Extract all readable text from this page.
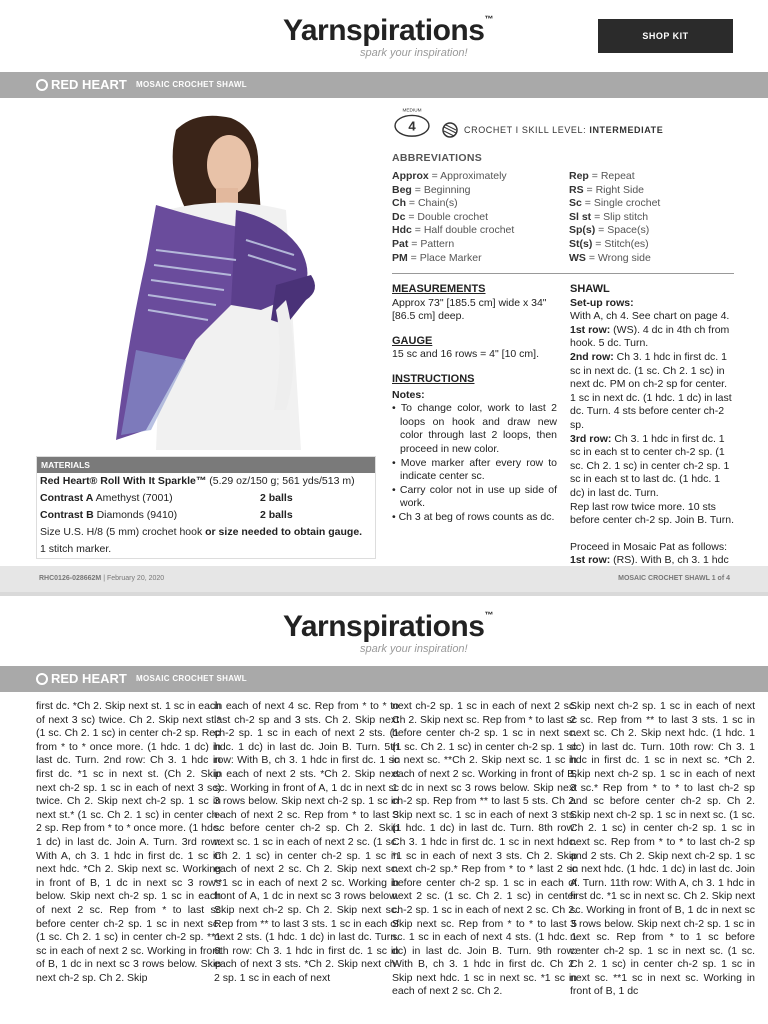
Yarnspirations™
spark your inspiration!
SHOP KIT
RED HEART MOSAIC CROCHET SHAWL
MEDIUM
4	CROCHET I SKILL LEVEL: INTERMEDIATE
ABBREVIATIONS
Approx = Approximately
Beg = Beginning
Ch = Chain(s)
Dc = Double crochet
Hdc = Half double crochet
Pat = Pattern
PM = Place Marker
Rep = Repeat
RS = Right Side
Sc = Single crochet
Sl st = Slip stitch
Sp(s) = Space(s)
St(s) = Stitch(es)
WS = Wrong side
MEASUREMENTS
Approx 73" [185.5 cm] wide x 34" [86.5 cm] deep.
GAUGE
15 sc and 16 rows = 4" [10 cm].
INSTRUCTIONS
Notes:
• To change color, work to last 2 loops on hook and draw new color through last 2 loops, then proceed in new color.
• Move marker after every row to indicate center sc.
• Carry color not in use up side of work.
• Ch 3 at beg of rows counts as dc.
SHAWL
Set-up rows:
With A, ch 4. See chart on page 4.
1st row: (WS). 4 dc in 4th ch from hook. 5 dc. Turn.
2nd row: Ch 3. 1 hdc in first dc. 1 sc in next dc. (1 sc. Ch 2. 1 sc) in next dc. PM on ch-2 sp for center. 1 sc in next dc. (1 hdc. 1 dc) in last dc. Turn. 4 sts before center ch-2 sp.
3rd row: Ch 3. 1 hdc in first dc. 1 sc in each st to center ch-2 sp. (1 sc. Ch 2. 1 sc) in center ch-2 sp. 1 sc in each st to last dc. (1 hdc. 1 dc) in last dc. Turn.
Rep last row twice more. 10 sts before center ch-2 sp. Join B. Turn.
Proceed in Mosaic Pat as follows:
1st row: (RS). With B, ch 3. 1 hdc
MATERIALS
Red Heart® Roll With It Sparkle™ (5.29 oz/150 g; 561 yds/513 m)
Contrast A Amethyst (7001)	2 balls
Contrast B Diamonds (9410)	2 balls
Size U.S. H/8 (5 mm) crochet hook or size needed to obtain gauge.
1 stitch marker.
RHC0126-028662M | February 20, 2020	MOSAIC CROCHET SHAWL 1 of 4
Yarnspirations™
spark your inspiration!
RED HEART MOSAIC CROCHET SHAWL
first dc. *Ch 2. Skip next st. 1 sc in each of next 3 sc) twice. Ch 2. Skip next st.* (1 sc. Ch 2. 1 sc) in center ch-2 sp. Rep from * to * once more. (1 hdc. 1 dc) in last dc. Turn. 2nd row: Ch 3. 1 hdc in first dc. *1 sc in next st. (Ch 2. Skip next ch-2 sp. 1 sc in each of next 3 sc) twice. Ch 2. Skip next ch-2 sp. 1 sc in next st.* (1 sc. Ch 2. 1 sc) in center ch-2 sp. Rep from * to * once more. (1 hdc. 1 dc) in last dc. Join A. Turn. 3rd row: With A, ch 3. 1 hdc in first dc. 1 sc in next hdc. *Ch 2. Skip next sc. Working in front of B, 1 dc in next sc 3 rows below. Skip next ch-2 sp. 1 sc in each of next 2 sc. Rep from * to last sc before center ch-2 sp. 1 sc in next sc. (1 sc. Ch 2. 1 sc) in center ch-2 sp. **1 sc in each of next 2 sc. Working in front of B, 1 dc in next sc 3 rows below. Skip next ch-2 sp. Ch 2. Skip
in each of next 4 sc. Rep from * to * to last ch-2 sp and 3 sts. Ch 2. Skip next ch-2 sp. 1 sc in each of next 2 sts. (1 hdc. 1 dc) in last dc. Join B. Turn. 5th row: With B, ch 3. 1 hdc in first dc. 1 sc in each of next 2 sts. *Ch 2. Skip next sc. Working in front of A, 1 dc in next sc 3 rows below. Skip next ch-2 sp. 1 sc in each of next 2 sc. Rep from * to last 3 sc before center ch-2 sp. Ch 2. Skip next sc. 1 sc in each of next 2 sc. (1 sc. Ch 2. 1 sc) in center ch-2 sp. 1 sc in each of next 2 sc. Ch 2. Skip next sc. **1 sc in each of next 2 sc. Working in front of A, 1 dc in next sc 3 rows below. Skip next ch-2 sp. Ch 2. Skip next sc. Rep from ** to last 3 sts. 1 sc in each of next 2 sts. (1 hdc. 1 dc) in last dc. Turn. 6th row: Ch 3. 1 hdc in first dc. 1 sc in each of next 3 sts. *Ch 2. Skip next ch-2 sp. 1 sc in each of next
next ch-2 sp. 1 sc in each of next 2 sc. Ch 2. Skip next sc. Rep from * to last sc before center ch-2 sp. 1 sc in next sc. (1 sc. Ch 2. 1 sc) in center ch-2 sp. 1 sc in next sc. **Ch 2. Skip next sc. 1 sc in each of next 2 sc. Working in front of B, 1 dc in next sc 3 rows below. Skip next ch-2 sp. Rep from ** to last 5 sts. Ch 2. Skip next sc. 1 sc in each of next 3 sts. (1 hdc. 1 dc) in last dc. Turn. 8th row: Ch 3. 1 hdc in first dc. 1 sc in next hdc. *1 sc in each of next 3 sts. Ch 2. Skip next ch-2 sp.* Rep from * to * last 2 sc before center ch-2 sp. 1 sc in each of next 2 sc. (1 sc. Ch 2. 1 sc) in center ch-2 sp. 1 sc in each of next 2 sc. Ch 2. Skip next sc. Rep from * to * to last 5 sc. 1 sc in each of next 4 sts. (1 hdc. 1 dc) in last dc. Join B. Turn. 9th row: With B, ch 3. 1 hdc in first dc. Ch 2. Skip next hdc. 1 sc in next sc. *1 sc in each of next 2 sc. Ch 2.
Skip next ch-2 sp. 1 sc in each of next 2 sc. Rep from ** to last 3 sts. 1 sc in next sc. Ch 2. Skip next hdc. (1 hdc. 1 dc) in last dc. Turn. 10th row: Ch 3. 1 hdc in first dc. 1 sc in next sc. *Ch 2. Skip next ch-2 sp. 1 sc in each of next 3 sc.* Rep from * to * to last ch-2 sp and sc before center ch-2 sp. Ch 2. Skip next ch-2 sp. 1 sc in next sc. (1 sc. Ch 2. 1 sc) in center ch-2 sp. 1 sc in next sc. Rep from * to * to last ch-2 sp and 2 sts. Ch 2. Skip next ch-2 sp. 1 sc in next hdc. (1 hdc. 1 dc) in last dc. Join A. Turn. 11th row: With A, ch 3. 1 hdc in first dc. *1 sc in next sc. Ch 2. Skip next sc. Working in front of B, 1 dc in next sc 3 rows below. Skip next ch-2 sp. 1 sc in next sc. Rep from * to 1 sc before center ch-2 sp. 1 sc in next sc. (1 sc. Ch 2. 1 sc) in center ch-2 sp. 1 sc in next sc. **1 sc in next sc. Working in front of B, 1 dc
